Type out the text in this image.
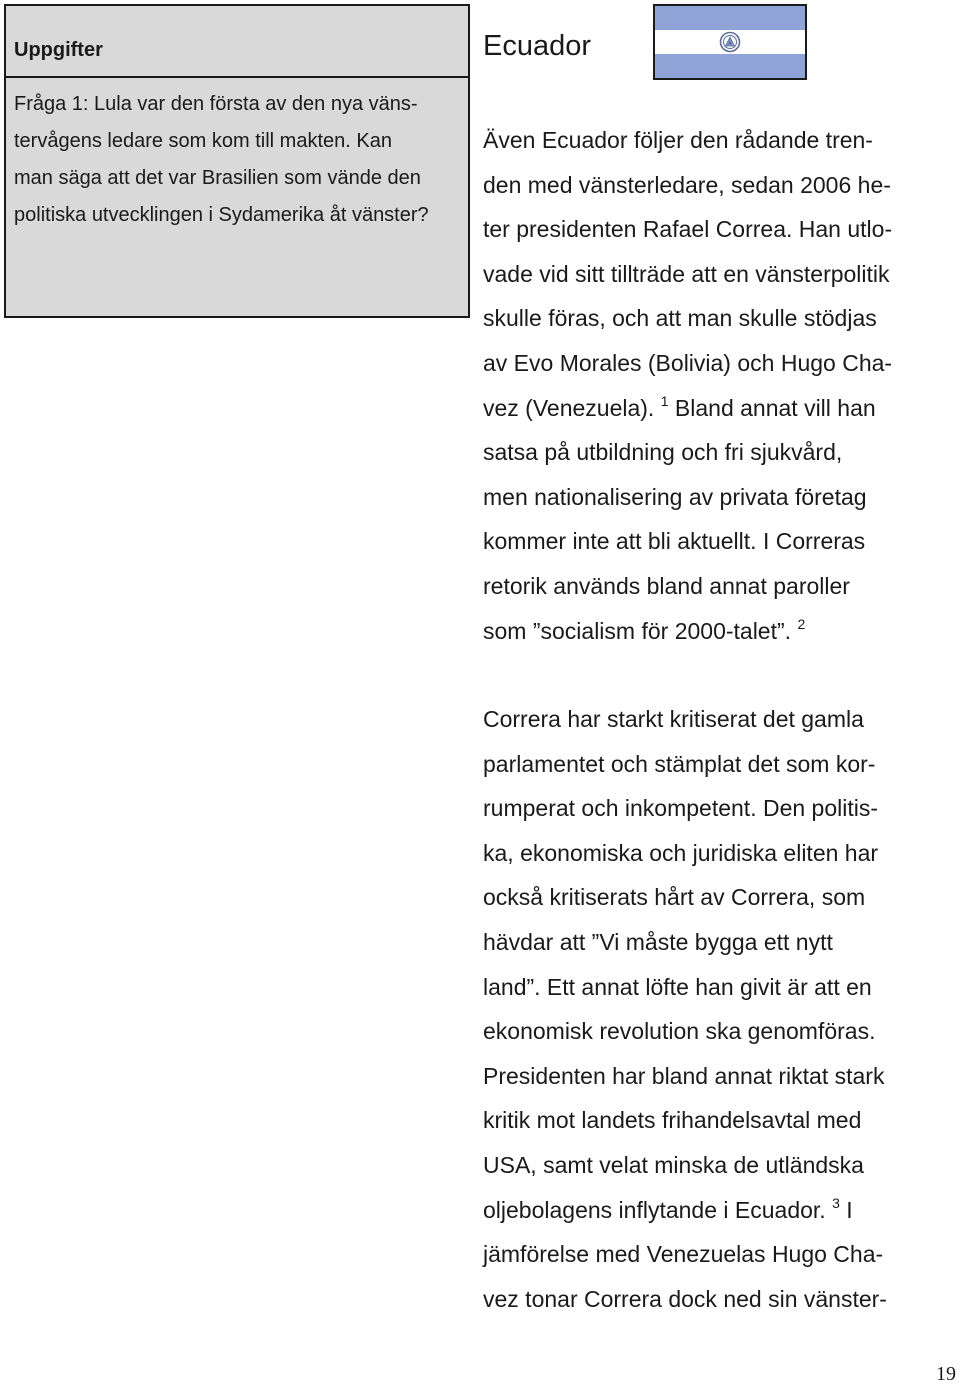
Uppgifter

Fråga 1: Lula var den första av den nya väns-
tervågens ledare som kom till makten. Kan
man säga att det var Brasilien som vände den
politiska utvecklingen i Sydamerika åt vänster?

Ecuador

Även Ecuador följer den rådande tren-
den med vänsterledare, sedan 2006 he-
ter presidenten Rafael Correa. Han utlo-
vade vid sitt tillträde att en vänsterpolitik
skulle föras, och att man skulle stödjas
av Evo Morales (Bolivia) och Hugo Cha-
vez (Venezuela). $^1$ Bland annat vill han
satsa på utbildning och fri sjukvård,
men nationalisering av privata företag
kommer inte att bli aktuellt. I Correras
retorik används bland annat paroller
som ”socialism för 2000-talet”. $^2$

Correra har starkt kritiserat det gamla
parlamentet och stämplat det som kor-
rumperat och inkompetent. Den politis-
ka, ekonomiska och juridiska eliten har
också kritiserats hårt av Correra, som
hävdar att ”Vi måste bygga ett nytt
land”. Ett annat löfte han givit är att en
ekonomisk revolution ska genomföras.
Presidenten har bland annat riktat stark
kritik mot landets frihandelsavtal med
USA, samt velat minska de utländska
oljebolagens inflytande i Ecuador. $^3$ I
jämförelse med Venezuelas Hugo Cha-
vez tonar Correra dock ned sin vänster-

19
